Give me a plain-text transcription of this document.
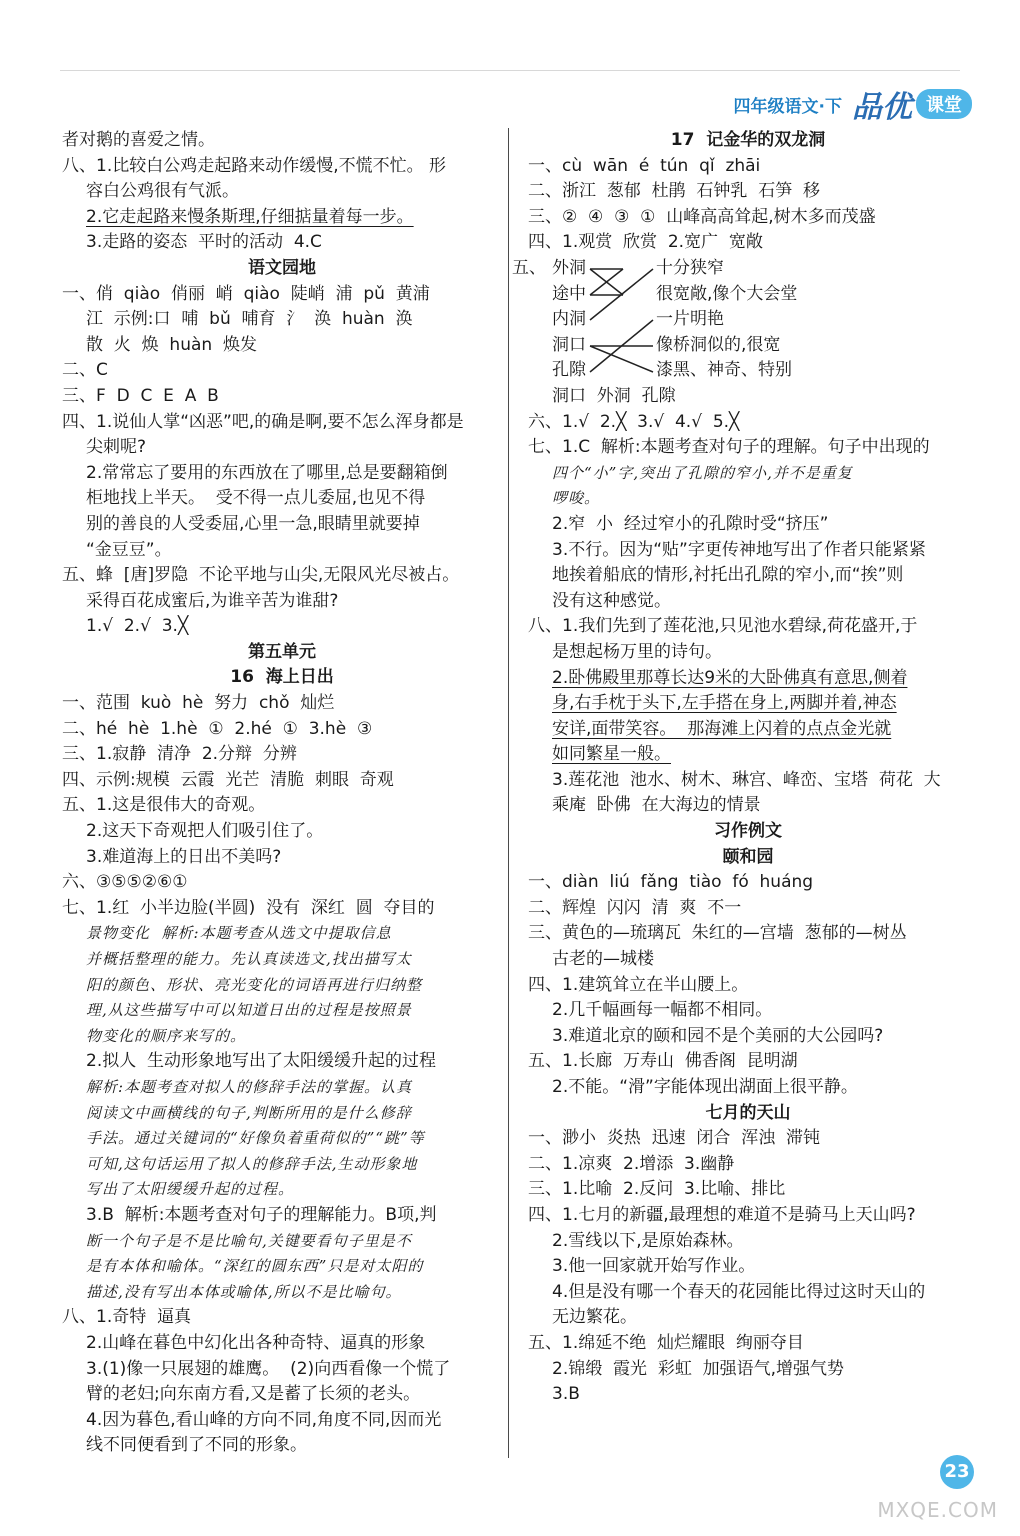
四年级语文·下 品优 课堂
者对鹅的喜爱之情。
八、1.比较白公鸡走起路来动作缓慢,不慌不忙。 形
容白公鸡很有气派。
2.它走起路来慢条斯理,仔细掂量着每一步。
3.走路的姿态  平时的活动  4.C
语文园地
一、俏  qiào  俏丽  峭  qiào  陡峭  浦  pǔ  黄浦
江  示例:口  哺  bǔ  哺育  氵  涣  huàn  涣
散  火  焕  huàn  焕发
二、C
三、F  D  C  E  A  B
四、1.说仙人掌“凶恶”吧,的确是啊,要不怎么浑身都是
尖刺呢?
2.常常忘了要用的东西放在了哪里,总是要翻箱倒
柜地找上半天。  受不得一点儿委屈,也见不得
别的善良的人受委屈,心里一急,眼睛里就要掉
“金豆豆”。
五、蜂  [唐]罗隐  不论平地与山尖,无限风光尽被占。
采得百花成蜜后,为谁辛苦为谁甜?
1.√  2.√  3.╳
第五单元
16  海上日出
一、范围  kuò  hè  努力  chǒ  灿烂
二、hé  hè  1.hè  ①  2.hé  ①  3.hè  ③
三、1.寂静  清净  2.分辩  分辨
四、示例:规模  云霞  光芒  清脆  刺眼  奇观
五、1.这是很伟大的奇观。
2.这天下奇观把人们吸引住了。
3.难道海上的日出不美吗?
六、③⑤⑤②⑥①
七、1.红  小半边脸(半圆)  没有  深红  圆  夺目的
景物变化  解析:本题考查从选文中提取信息
并概括整理的能力。先认真读选文,找出描写太
阳的颜色、形状、亮光变化的词语再进行归纳整
理,从这些描写中可以知道日出的过程是按照景
物变化的顺序来写的。
2.拟人  生动形象地写出了太阳缓缓升起的过程
解析:本题考查对拟人的修辞手法的掌握。认真
阅读文中画横线的句子,判断所用的是什么修辞
手法。通过关键词的“好像负着重荷似的”“跳”等
可知,这句话运用了拟人的修辞手法,生动形象地
写出了太阳缓缓升起的过程。
3.B  解析:本题考查对句子的理解能力。B项,判
断一个句子是不是比喻句,关键要看句子里是不
是有本体和喻体。“深红的圆东西”只是对太阳的
描述,没有写出本体或喻体,所以不是比喻句。
八、1.奇特  逼真
2.山峰在暮色中幻化出各种奇特、逼真的形象
3.(1)像一只展翅的雄鹰。  (2)向西看像一个慌了
臂的老妇;向东南方看,又是蓄了长须的老头。
4.因为暮色,看山峰的方向不同,角度不同,因而光
线不同便看到了不同的形象。
17  记金华的双龙洞
一、cù  wān  é  tún  qǐ  zhāi
二、浙江  葱郁  杜鹃  石钟乳  石笋  移
三、②  ④  ③  ①  山峰高高耸起,树木多而茂盛
四、1.观赏  欣赏  2.宽广  宽敞
五、 外洞
途中
内洞
洞口
孔隙
十分狭窄
很宽敞,像个大会堂
一片明艳
像桥洞似的,很宽
漆黑、神奇、特别
洞口  外洞  孔隙
六、1.√  2.╳  3.√  4.√  5.╳
七、1.C  解析:本题考查对句子的理解。句子中出现的
四个“小”字,突出了孔隙的窄小,并不是重复
啰唆。
2.窄  小  经过窄小的孔隙时受“挤压”
3.不行。因为“贴”字更传神地写出了作者只能紧紧
地挨着船底的情形,衬托出孔隙的窄小,而“挨”则
没有这种感觉。
八、1.我们先到了莲花池,只见池水碧绿,荷花盛开,于
是想起杨万里的诗句。
2.卧佛殿里那尊长达9米的大卧佛真有意思,侧着
身,右手枕于头下,左手搭在身上,两脚并着,神态
安详,面带笑容。  那海滩上闪着的点点金光就
如同繁星一般。
3.莲花池  池水、树木、琳宫、峰峦、宝塔  荷花  大
乘庵  卧佛  在大海边的情景
习作例文
颐和园
一、diàn  liú  fǎng  tiào  fó  huáng
二、辉煌  闪闪  清  爽  不一
三、黄色的—琉璃瓦  朱红的—宫墙  葱郁的—树丛
古老的—城楼
四、1.建筑耸立在半山腰上。
2.几千幅画每一幅都不相同。
3.难道北京的颐和园不是个美丽的大公园吗?
五、1.长廊  万寿山  佛香阁  昆明湖
2.不能。“滑”字能体现出湖面上很平静。
七月的天山
一、渺小  炎热  迅速  闭合  浑浊  滞钝
二、1.凉爽  2.增添  3.幽静
三、1.比喻  2.反问  3.比喻、排比
四、1.七月的新疆,最理想的难道不是骑马上天山吗?
2.雪线以下,是原始森林。
3.他一回家就开始写作业。
4.但是没有哪一个春天的花园能比得过这时天山的
无边繁花。
五、1.绵延不绝  灿烂耀眼  绚丽夺目
2.锦缎  霞光  彩虹  加强语气,增强气势
3.B
23
MXQE.COM
